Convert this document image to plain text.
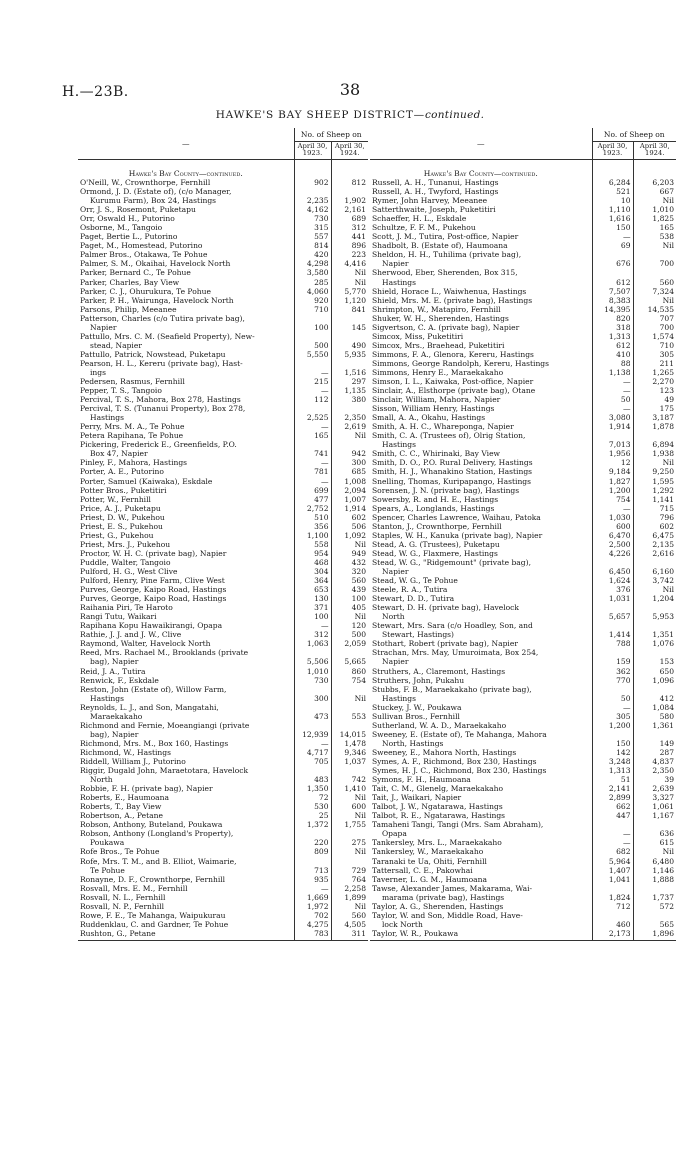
H.—23B.	38
HAWKE'S BAY SHEEP DISTRICT—continued.
—	No. of Sheep on	
	April 30, 1923.	April 30, 1924.
Hawke's Bay County—continued.		
O'Neill, W., Crownthorpe, Fernhill	902	812
Ormond, J. D. (Estate of), (c/o Manager,
Kurumu Farm), Box 24, Hastings	2,235	1,902
Orr, J. S., Rosemont, Puketapu	4,162	2,161
Orr, Oswald H., Putorino	730	689
Osborne, M., Tangoio	315	312
Paget, Bertie L., Putorino	557	441
Paget, M., Homestead, Putorino	814	896
Palmer Bros., Otakawa, Te Pohue	420	223
Palmer, S. M., Okaihai, Havelock North	4,298	4,416
Parker, Bernard C., Te Pohue	3,580	Nil
Parker, Charles, Bay View	285	Nil
Parker, C. J., Ohurukura, Te Pohue	4,060	5,770
Parker, P. H., Wairunga, Havelock North	920	1,120
Parsons, Philip, Meeanee	710	841
Patterson, Charles (c/o Tutira private bag),
Napier	100	145
Pattullo, Mrs. C. M. (Seafield Property), New-
stead, Napier	500	490
Pattullo, Patrick, Nowstead, Puketapu	5,550	5,935
Pearson, H. L., Kereru (private bag), Hast-
ings	—	1,516
Pedersen, Rasmus, Fernhill	215	297
Pepper, T. S., Tangoio	—	1,135
Percival, T. S., Mahora, Box 278, Hastings	112	380
Percival, T. S. (Tunanui Property), Box 278,
Hastings	2,525	2,350
Perry, Mrs. M. A., Te Pohue	—	2,619
Petera Rapihana, Te Pohue	165	Nil
Pickering, Frederick E., Greenfields, P.O.
Box 47, Napier	741	942
Pinley, F., Mahora, Hastings	—	300
Porter, A. E., Putorino	781	685
Porter, Samuel (Kaiwaka), Eskdale	—	1,008
Potter Bros., Puketitiri	699	2,094
Potter, W., Fernhill	477	1,007
Price, A. J., Puketapu	2,752	1,914
Priest, D. W., Pukehou	510	602
Priest, E. S., Pukehou	356	506
Priest, G., Pukehou	1,100	1,092
Priest, Mrs. J., Pukehou	558	Nil
Proctor, W. H. C. (private bag), Napier	954	949
Puddle, Walter, Tangoio	468	432
Pulford, H. G., West Clive	304	320
Pulford, Henry, Pine Farm, Clive West	364	560
Purves, George, Kaipo Road, Hastings	653	439
Purves, George, Kaipo Road, Hastings	130	100
Raihania Piri, Te Haroto	371	405
Rangi Tutu, Waikari	100	Nil
Rapihana Kopu Hawaikirangi, Opapa	—	120
Rathie, J. J. and J. W., Clive	312	500
Raymond, Walter, Havelock North	1,063	2,059
Reed, Mrs. Rachael M., Brooklands (private
bag), Napier	5,506	5,665
Reid, J. A., Tutira	1,010	860
Renwick, F., Eskdale	730	754
Reston, John (Estate of), Willow Farm,
Hastings	300	Nil
Reynolds, L. J., and Son, Mangatahi,
Maraekakaho	473	553
Richmond and Fernie, Moeangiangi (private
bag), Napier	12,939	14,015
Richmond, Mrs. M., Box 160, Hastings	—	1,478
Richmond, W., Hastings	4,717	9,346
Riddell, William J., Putorino	705	1,037
Riggir, Dugald John, Maraetotara, Havelock
North	483	742
Robbie, F. H. (private bag), Napier	1,350	1,410
Roberts, E., Haumoana	72	Nil
Roberts, T., Bay View	530	600
Robertson, A., Petane	25	Nil
Robson, Anthony, Buteland, Poukawa	1,372	1,755
Robson, Anthony (Longland's Property),
Poukawa	220	275
Rofe Bros., Te Pohue	809	Nil
Rofe, Mrs. T. M., and B. Elliot, Waimarie,
Te Pohue	713	729
Ronayne, D. F., Crownthorpe, Fernhill	935	764
Rosvall, Mrs. E. M., Fernhill	—	2,258
Rosvall, N. L., Fernhill	1,669	1,899
Rosvall, N. P., Fernhill	1,972	Nil
Rowe, F. E., Te Mahanga, Waipukurau	702	560
Ruddenklau, C. and Gardner, Te Pohue	4,275	4,505
Rushton, G., Petane	783	311
—	No. of Sheep on	
	April 30, 1923.	April 30, 1924.
Hawke's Bay County—continued.		
Russell, A. H., Tunanui, Hastings	6,284	6,203
Russell, A. H., Twyford, Hastings	521	667
Rymer, John Harvey, Meeanee	10	Nil
Satterthwaite, Joseph, Puketitiri	1,110	1,010
Schaeffer, H. L., Eskdale	1,616	1,825
Schultze, F. F. M., Pukehou	150	165
Scott, J. M., Tutira, Post-office, Napier	—	538
Shadbolt, B. (Estate of), Haumoana	69	Nil
Sheldon, H. H., Tuhilima (private bag),
Napier	676	700
Sherwood, Eber, Sherenden, Box 315,
Hastings	612	560
Shield, Horace L., Waiwhenua, Hastings	7,507	7,324
Shield, Mrs. M. E. (private bag), Hastings	8,383	Nil
Shrimpton, W., Matapiro, Fernhill	14,395	14,535
Shuker, W. H., Sherenden, Hastings	820	707
Sigvertson, C. A. (private bag), Napier	318	700
Simcox, Miss, Puketitiri	1,313	1,574
Simcox, Mrs., Braehead, Puketitiri	612	710
Simmons, F. A., Glenora, Kereru, Hastings	410	305
Simmons, George Randolph, Kereru, Hastings	88	211
Simmons, Henry E., Maraekakaho	1,138	1,265
Simson, I. L., Kaiwaka, Post-office, Napier	—	2,270
Sinclair, A., Elsthorpe (private bag), Otane	—	123
Sinclair, William, Mahora, Napier	50	49
Sisson, William Henry, Hastings	—	175
Small, A. A., Okahu, Hastings	3,080	3,187
Smith, A. H. C., Whareponga, Napier	1,914	1,878
Smith, C. A. (Trustees of), Olrig Station,
Hastings	7,013	6,894
Smith, C. C., Whirinaki, Bay View	1,956	1,938
Smith, D. O., P.O. Rural Delivery, Hastings	12	Nil
Smith, H. J., Whanakino Station, Hastings	9,184	9,250
Snelling, Thomas, Kuripapango, Hastings	1,827	1,595
Sorensen, J. N. (private bag), Hastings	1,200	1,292
Sowersby, R. and H. E., Hastings	754	1,141
Spears, A., Longlands, Hastings	—	715
Spencer, Charles Lawrence, Waihau, Patoka	1,030	796
Stanton, J., Crownthorpe, Fernhill	600	602
Staples, W. H., Kanuka (private bag), Napier	6,470	6,475
Stead, A. G. (Trustees), Puketapu	2,500	2,135
Stead, W. G., Flaxmere, Hastings	4,226	2,616
Stead, W. G., "Ridgemount" (private bag),
Napier	6,450	6,160
Stead, W. G., Te Pohue	1,624	3,742
Steele, R. A., Tutira	376	Nil
Stewart, D. D., Tutira	1,031	1,204
Stewart, D. H. (private bag), Havelock
North	5,657	5,953
Stewart, Mrs. Sara (c/o Hoadley, Son, and
Stewart, Hastings)	1,414	1,351
Stothart, Robert (private bag), Napier	788	1,076
Strachan, Mrs. May, Umuroimata, Box 254,
Napier	159	153
Struthers, A., Claremont, Hastings	362	650
Struthers, John, Pukahu	770	1,096
Stubbs, F. B., Maraekakaho (private bag),
Hastings	50	412
Stuckey, J. W., Poukawa	—	1,084
Sullivan Bros., Fernhill	305	580
Sutherland, W. A. D., Maraekakaho	1,200	1,361
Sweeney, E. (Estate of), Te Mahanga, Mahora
North, Hastings	150	149
Sweeney, E., Mahora North, Hastings	142	287
Symes, A. F., Richmond, Box 230, Hastings	3,248	4,837
Symes, H. J. C., Richmond, Box 230, Hastings	1,313	2,350
Symons, F. H., Haumoana	51	39
Tait, C. M., Glenelg, Maraekakaho	2,141	2,639
Tait, J., Waikari, Napier	2,899	3,327
Talbot, J. W., Ngatarawa, Hastings	662	1,061
Talbot, R. E., Ngatarawa, Hastings	447	1,167
Tamaheni Tangi, Tangi (Mrs. Sam Abraham),
Opapa	—	636
Tankersley, Mrs. L., Maraekakaho	—	615
Tankersley, W., Maraekakaho	682	Nil
Taranaki te Ua, Ohiti, Fernhill	5,964	6,480
Tattersall, C. E., Pakowhai	1,407	1,146
Taverner, L. G. M., Haumoana	1,041	1,888
Tawse, Alexander James, Makarama, Wai-
marama (private bag), Hastings	1,824	1,737
Taylor, A. G., Sherenden, Hastings	712	572
Taylor, W. and Son, Middle Road, Have-
lock North	460	565
Taylor, W. R., Poukawa	2,173	1,896
